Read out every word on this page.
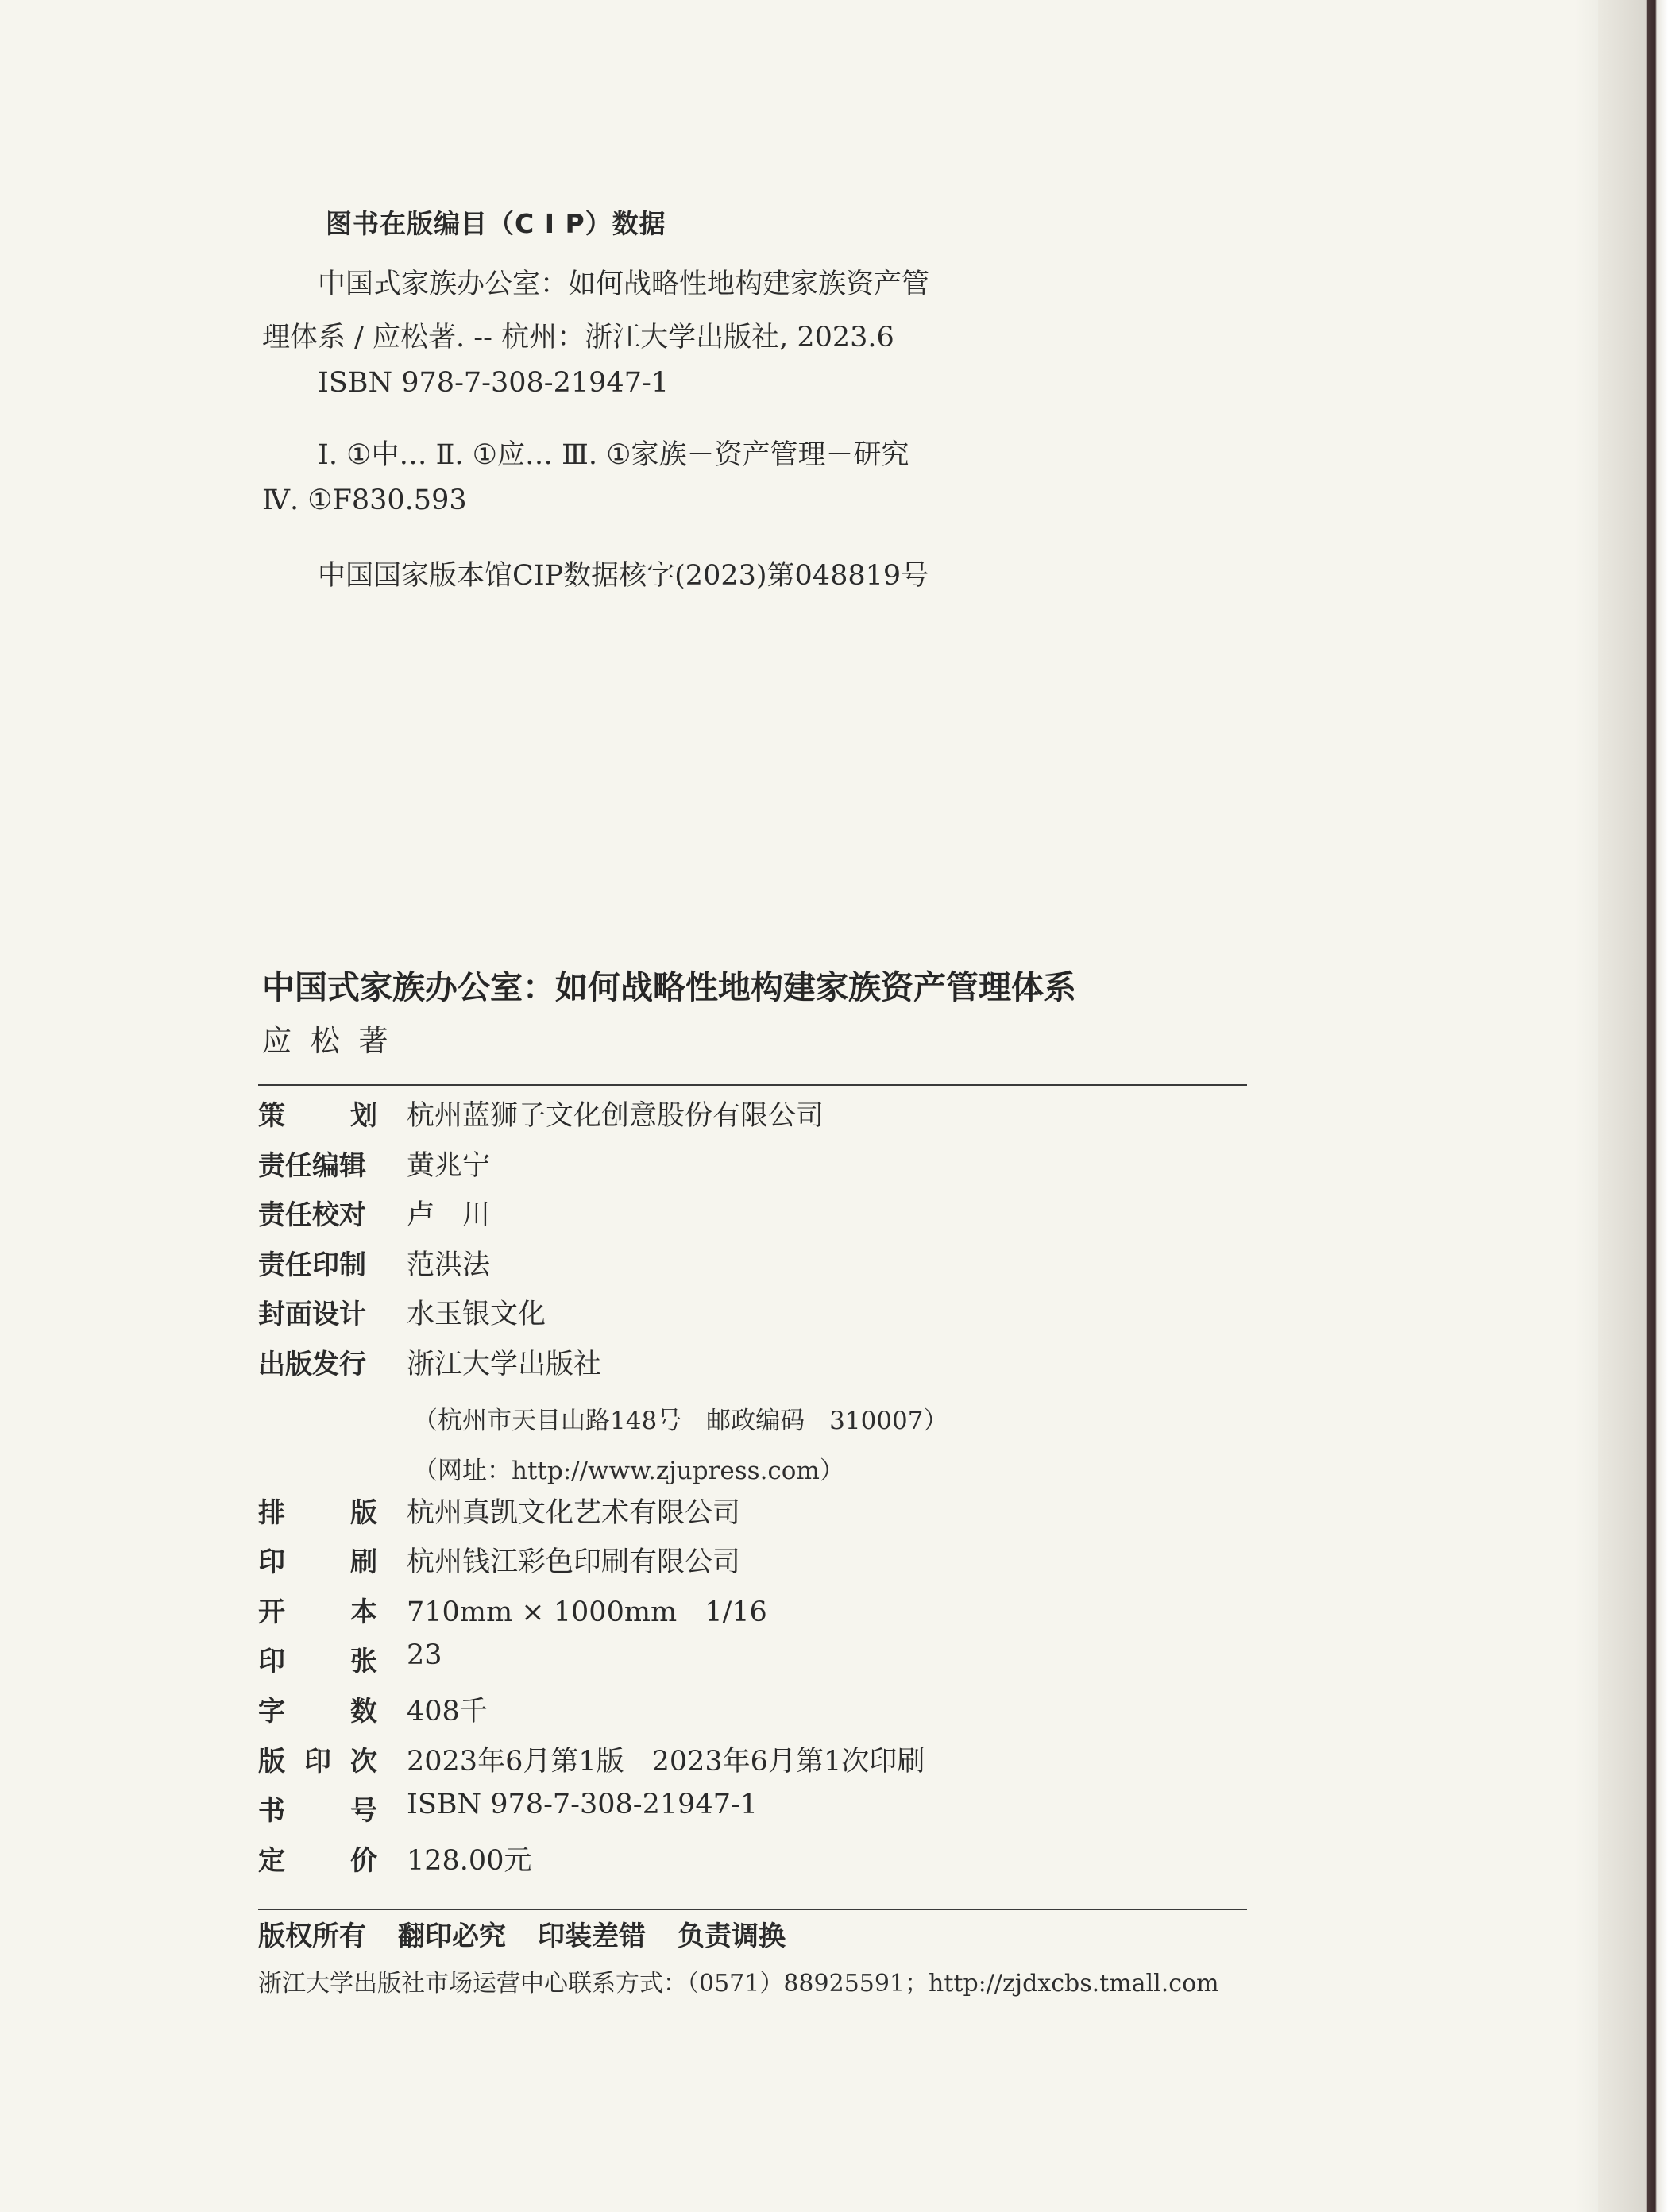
图书在版编目（C I P）数据
中国式家族办公室：如何战略性地构建家族资产管
理体系 / 应松著. -- 杭州：浙江大学出版社, 2023.6
ISBN 978-7-308-21947-1
Ⅰ. ①中… Ⅱ. ①应… Ⅲ. ①家族－资产管理－研究
Ⅳ. ①F830.593
中国国家版本馆CIP数据核字(2023)第048819号
中国式家族办公室：如何战略性地构建家族资产管理体系
应 松 著
策 划 杭州蓝狮子文化创意股份有限公司
责任编辑 黄兆宁
责任校对 卢　川
责任印制 范洪法
封面设计 水玉银文化
出版发行 浙江大学出版社
排 版 杭州真凯文化艺术有限公司
印 刷 杭州钱江彩色印刷有限公司
开 本 710mm × 1000mm　1/16
印 张 23
字 数 408千
版 印 次 2023年6月第1版　2023年6月第1次印刷
书 号 ISBN 978-7-308-21947-1
定 价 128.00元
（杭州市天目山路148号　邮政编码　310007）
（网址：http://www.zjupress.com）
版权所有 翻印必究 印装差错 负责调换
浙江大学出版社市场运营中心联系方式：（0571）88925591；http://zjdxcbs.tmall.com
